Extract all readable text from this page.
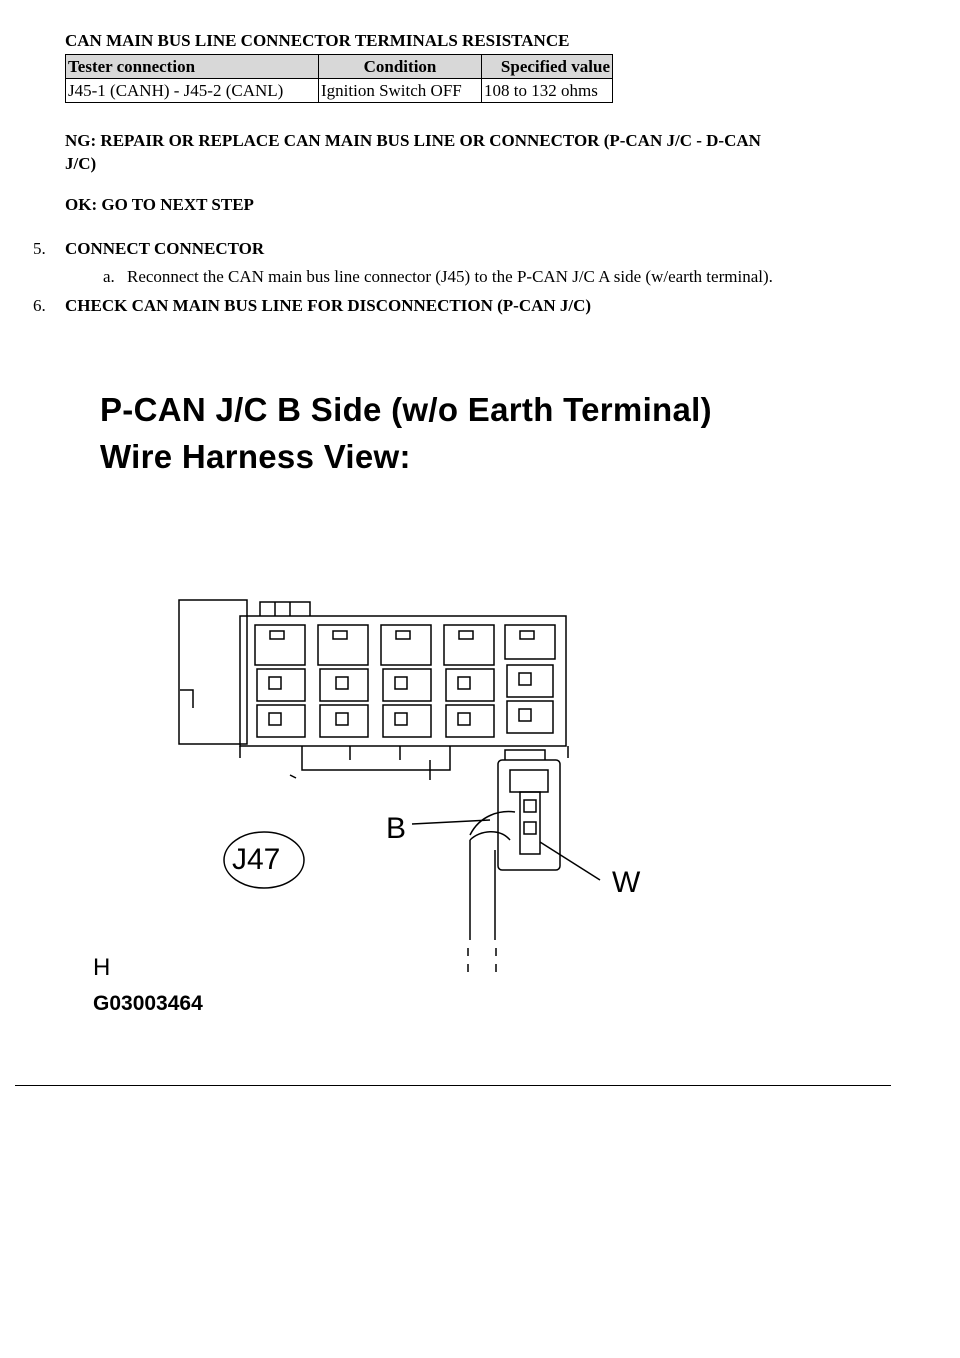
CAN MAIN BUS LINE CONNECTOR TERMINALS RESISTANCE
Tester connection	Condition	Specified value
J45-1 (CANH) - J45-2 (CANL)	Ignition Switch OFF	108 to 132 ohms
NG: REPAIR OR REPLACE CAN MAIN BUS LINE OR CONNECTOR (P-CAN J/C - D-CAN
J/C)
OK: GO TO NEXT STEP
5. CONNECT CONNECTOR
a. Reconnect the CAN main bus line connector (J45) to the P-CAN J/C A side (w/earth terminal).
6. CHECK CAN MAIN BUS LINE FOR DISCONNECTION (P-CAN J/C)
P-CAN J/C B Side (w/o Earth Terminal)
Wire Harness View:
B
W
J47
H
G03003464
